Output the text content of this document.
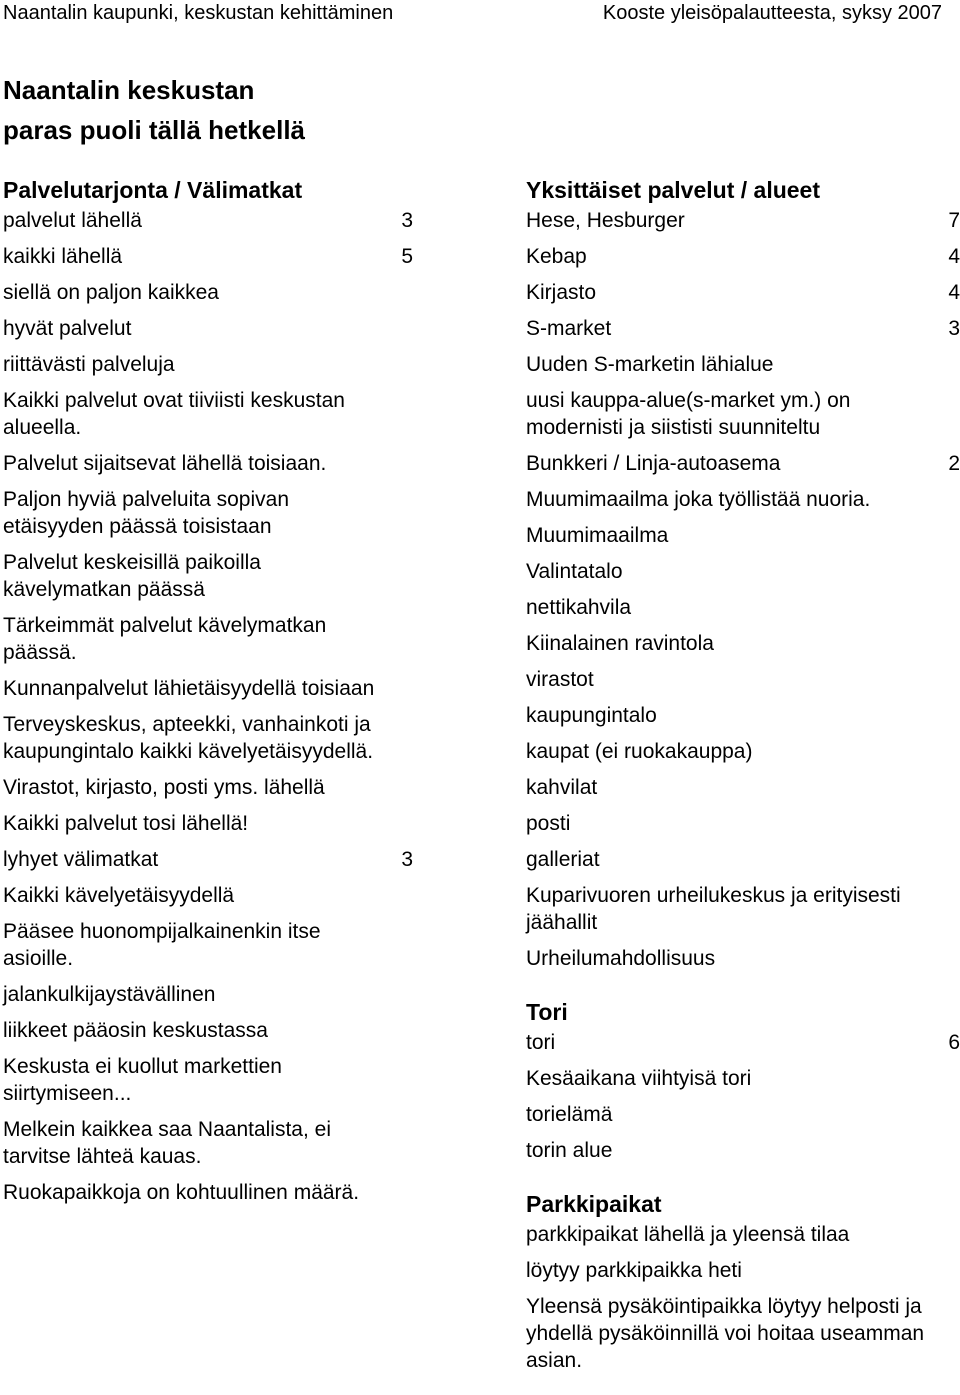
Naantalin kaupunki, keskustan kehittäminen	Kooste yleisöpalautteesta, syksy 2007
Naantalin keskustan
paras puoli tällä hetkellä
Palvelutarjonta / Välimatkat
palvelut lähellä	3
kaikki lähellä	5
siellä on paljon kaikkea
hyvät palvelut
riittävästi palveluja
Kaikki palvelut ovat tiiviisti keskustan alueella.
Palvelut sijaitsevat lähellä toisiaan.
Paljon hyviä palveluita sopivan etäisyyden päässä toisistaan
Palvelut keskeisillä paikoilla kävelymatkan päässä
Tärkeimmät palvelut kävelymatkan päässä.
Kunnanpalvelut lähietäisyydellä toisiaan
Terveyskeskus, apteekki, vanhainkoti ja kaupungintalo kaikki kävelyetäisyydellä.
Virastot, kirjasto, posti yms. lähellä
Kaikki palvelut tosi lähellä!
lyhyet välimatkat	3
Kaikki kävelyetäisyydellä
Pääsee huonompijalkainenkin itse asioille.
jalankulkijaystävällinen
liikkeet pääosin keskustassa
Keskusta ei kuollut markettien siirtymiseen...
Melkein kaikkea saa Naantalista, ei tarvitse lähteä kauas.
Ruokapaikkoja on kohtuullinen määrä.
Yksittäiset palvelut / alueet
Hese, Hesburger	7
Kebap	4
Kirjasto	4
S-market	3
Uuden S-marketin lähialue
uusi kauppa-alue(s-market ym.) on modernisti ja siististi suunniteltu
Bunkkeri / Linja-autoasema	2
Muumimaailma joka työllistää nuoria.
Muumimaailma
Valintatalo
nettikahvila
Kiinalainen ravintola
virastot
kaupungintalo
kaupat (ei ruokakauppa)
kahvilat
posti
galleriat
Kuparivuoren urheilukeskus ja erityisesti jäähallit
Urheilumahdollisuus
Tori
tori	6
Kesäaikana viihtyisä tori
torielämä
torin alue
Parkkipaikat
parkkipaikat lähellä ja yleensä tilaa
löytyy parkkipaikka heti
Yleensä pysäköintipaikka löytyy helposti ja yhdellä pysäköinnillä voi hoitaa useamman asian.
